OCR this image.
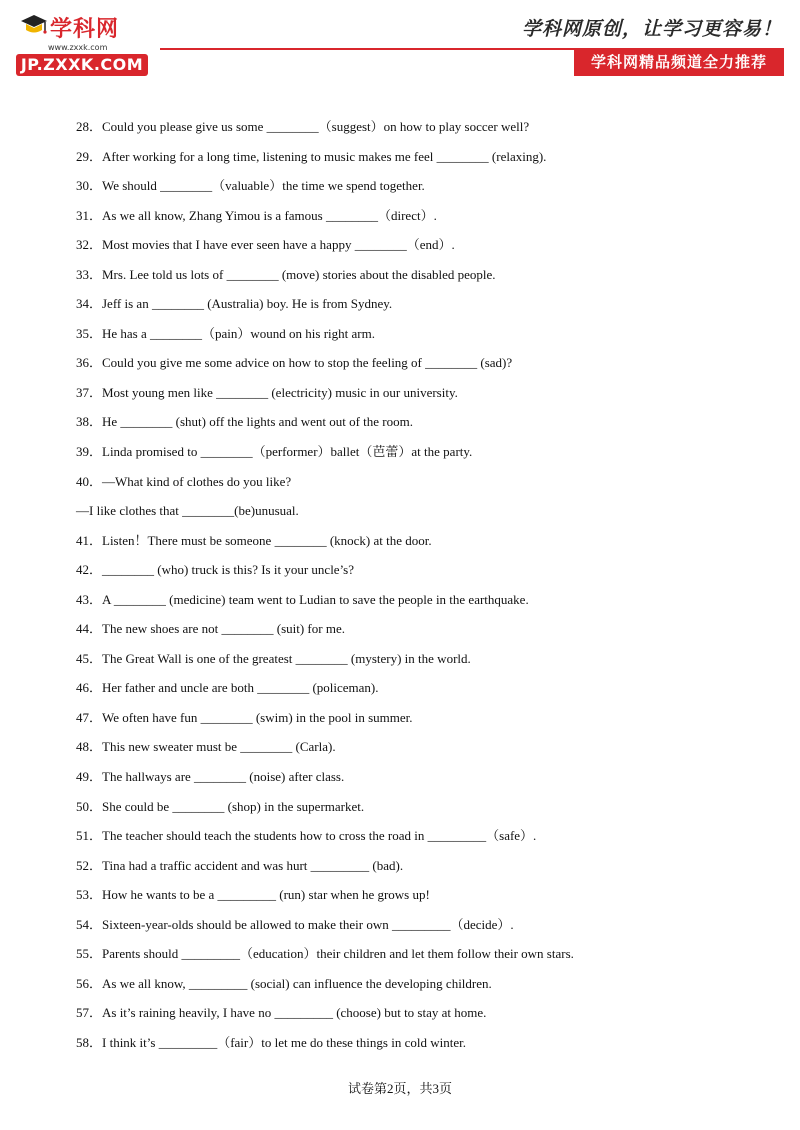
学科网
www.zxxk.com
JP.ZXXK.COM
学科网原创，让学习更容易！
学科网精品频道全力推荐
28．Could you please give us some ________（suggest）on how to play soccer well?
29．After working for a long time, listening to music makes me feel ________ (relaxing).
30．We should ________（valuable）the time we spend together.
31．As we all know, Zhang Yimou is a famous ________（direct）.
32．Most movies that I have ever seen have a happy ________（end）.
33．Mrs. Lee told us lots of ________ (move) stories about the disabled people.
34．Jeff is an ________ (Australia) boy. He is from Sydney.
35．He has a ________（pain）wound on his right arm.
36．Could you give me some advice on how to stop the feeling of ________ (sad)?
37．Most young men like ________ (electricity) music in our university.
38．He ________ (shut) off the lights and went out of the room.
39．Linda promised to ________（performer）ballet（芭蕾）at the party.
40．—What kind of clothes do you like?
—I like clothes that ________(be)unusual.
41．Listen！There must be someone ________ (knock) at the door.
42．________ (who) truck is this? Is it your uncle’s?
43．A ________ (medicine) team went to Ludian to save the people in the earthquake.
44．The new shoes are not ________ (suit) for me.
45．The Great Wall is one of the greatest ________ (mystery) in the world.
46．Her father and uncle are both ________ (policeman).
47．We often have fun ________ (swim) in the pool in summer.
48．This new sweater must be ________ (Carla).
49．The hallways are ________ (noise) after class.
50．She could be ________ (shop) in the supermarket.
51．The teacher should teach the students how to cross the road in _________（safe）.
52．Tina had a traffic accident and was hurt _________ (bad).
53．How he wants to be a _________ (run) star when he grows up!
54．Sixteen-year-olds should be allowed to make their own _________（decide）.
55．Parents should _________（education）their children and let them follow their own stars.
56．As we all know, _________ (social) can influence the developing children.
57．As it’s raining heavily, I have no _________ (choose) but to stay at home.
58．I think it’s _________（fair）to let me do these things in cold winter.
试卷第2页，共3页
